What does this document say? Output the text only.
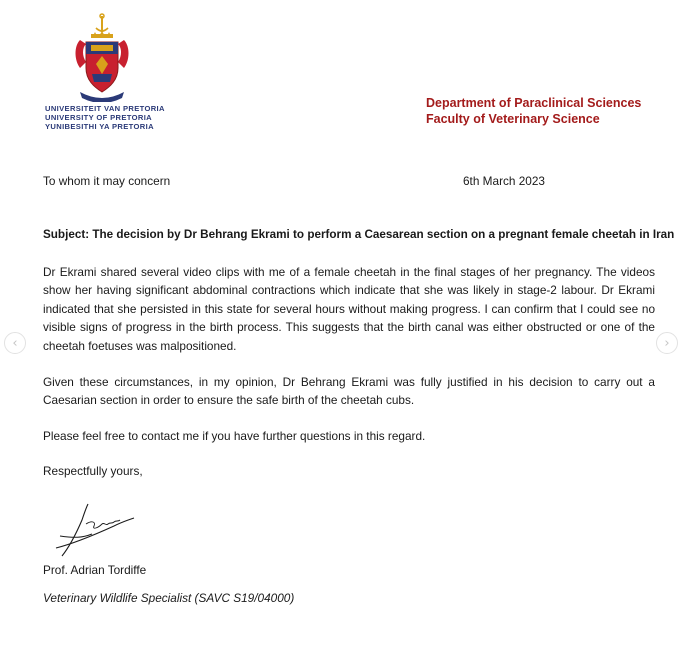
UNIVERSITEIT VAN PRETORIA
UNIVERSITY OF PRETORIA
YUNIBESITHI YA PRETORIA
Department of Paraclinical Sciences
Faculty of Veterinary Science
To whom it may concern	6th March 2023
Subject: The decision by Dr Behrang Ekrami to perform a Caesarean section on a pregnant female cheetah in Iran
Dr Ekrami shared several video clips with me of a female cheetah in the final stages of her pregnancy. The videos show her having significant abdominal contractions which indicate that she was likely in stage-2 labour. Dr Ekrami indicated that she persisted in this state for several hours without making progress. I can confirm that I could see no visible signs of progress in the birth process. This suggests that the birth canal was either obstructed or one of the cheetah foetuses was malpositioned.
Given these circumstances, in my opinion, Dr Behrang Ekrami was fully justified in his decision to carry out a Caesarian section in order to ensure the safe birth of the cheetah cubs.
Please feel free to contact me if you have further questions in this regard.
Respectfully yours,
Prof. Adrian Tordiffe
Veterinary Wildlife Specialist (SAVC S19/04000)
‹	›
